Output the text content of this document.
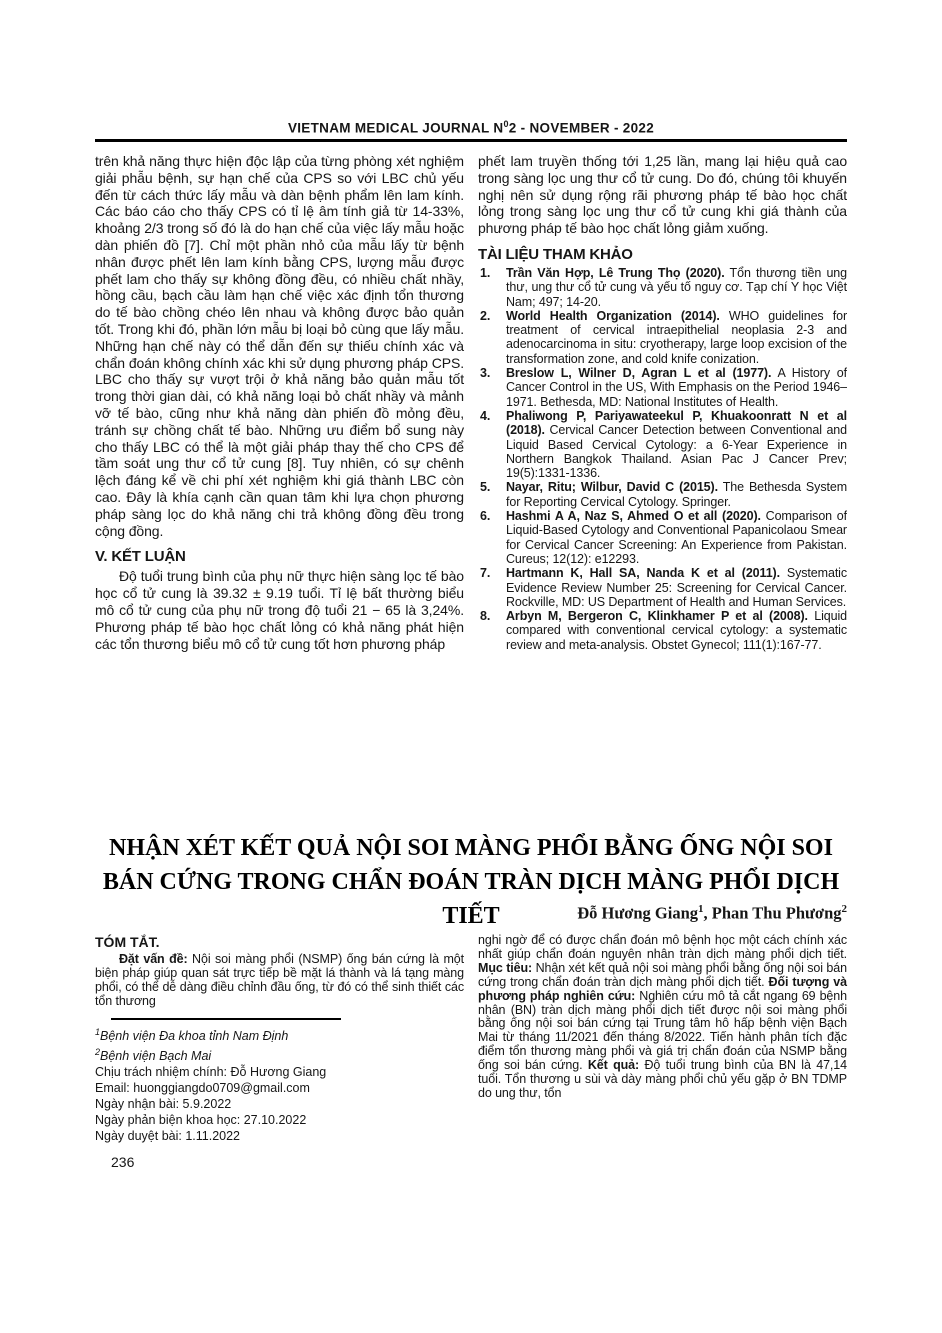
VIETNAM MEDICAL JOURNAL $N^02$ - NOVEMBER - 2022

trên khả năng thực hiện độc lập của từng phòng xét nghiệm giải phẫu bệnh, sự hạn chế của CPS so với LBC chủ yếu đến từ cách thức lấy mẫu và dàn bệnh phẩm lên lam kính. Các báo cáo cho thấy CPS có tỉ lệ âm tính giả từ 14-33%, khoảng 2/3 trong số đó là do hạn chế của việc lấy mẫu hoặc dàn phiến đồ [7]. Chỉ một phần nhỏ của mẫu lấy từ bệnh nhân được phết lên lam kính bằng CPS, lượng mẫu được phết lam cho thấy sự không đồng đều, có nhiều chất nhầy, hồng cầu, bạch cầu làm hạn chế việc xác định tổn thương do tế bào chồng chéo lên nhau và không được bảo quản tốt. Trong khi đó, phần lớn mẫu bị loại bỏ cùng que lấy mẫu. Những hạn chế này có thể dẫn đến sự thiếu chính xác và chẩn đoán không chính xác khi sử dụng phương pháp CPS. LBC cho thấy sự vượt trội ở khả năng bảo quản mẫu tốt trong thời gian dài, có khả năng loại bỏ chất nhầy và mảnh vỡ tế bào, cũng như khả năng dàn phiến đồ mỏng đều, tránh sự chồng chất tế bào. Những ưu điểm bổ sung này cho thấy LBC có thể là một giải pháp thay thế cho CPS để tầm soát ung thư cổ tử cung [8]. Tuy nhiên, có sự chênh lệch đáng kể về chi phí xét nghiệm khi giá thành LBC còn cao. Đây là khía cạnh cần quan tâm khi lựa chọn phương pháp sàng lọc do khả năng chi trả không đồng đều trong cộng đồng.

V. KẾT LUẬN

Độ tuổi trung bình của phụ nữ thực hiện sàng lọc tế bào học cổ tử cung là 39.32 ± 9.19 tuổi. Tỉ lệ bất thường biểu mô cổ tử cung của phụ nữ trong độ tuổi 21 − 65 là 3,24%. Phương pháp tế bào học chất lỏng có khả năng phát hiện các tổn thương biểu mô cổ tử cung tốt hơn phương pháp

phết lam truyền thống tới 1,25 lần, mang lại hiệu quả cao trong sàng lọc ung thư cổ tử cung. Do đó, chúng tôi khuyến nghị nên sử dụng rộng rãi phương pháp tế bào học chất lỏng trong sàng lọc ung thư cổ tử cung khi giá thành của phương pháp tế bào học chất lỏng giảm xuống.

TÀI LIỆU THAM KHẢO
1. Trần Văn Hợp, Lê Trung Thọ (2020). Tổn thương tiền ung thư, ung thư cổ tử cung và yếu tố nguy cơ. Tạp chí Y học Việt Nam; 497; 14-20.
2. World Health Organization (2014). WHO guidelines for treatment of cervical intraepithelial neoplasia 2-3 and adenocarcinoma in situ: cryotherapy, large loop excision of the transformation zone, and cold knife conization.
3. Breslow L, Wilner D, Agran L et al (1977). A History of Cancer Control in the US, With Emphasis on the Period 1946–1971. Bethesda, MD: National Institutes of Health.
4. Phaliwong P, Pariyawateekul P, Khuakoonratt N et al (2018). Cervical Cancer Detection between Conventional and Liquid Based Cervical Cytology: a 6-Year Experience in Northern Bangkok Thailand. Asian Pac J Cancer Prev; 19(5):1331-1336.
5. Nayar, Ritu; Wilbur, David C (2015). The Bethesda System for Reporting Cervical Cytology. Springer.
6. Hashmi A A, Naz S, Ahmed O et all (2020). Comparison of Liquid-Based Cytology and Conventional Papanicolaou Smear for Cervical Cancer Screening: An Experience from Pakistan. Cureus; 12(12): e12293.
7. Hartmann K, Hall SA, Nanda K et al (2011). Systematic Evidence Review Number 25: Screening for Cervical Cancer. Rockville, MD: US Department of Health and Human Services.
8. Arbyn M, Bergeron C, Klinkhamer P et al (2008). Liquid compared with conventional cervical cytology: a systematic review and meta-analysis. Obstet Gynecol; 111(1):167-77.
NHẬN XÉT KẾT QUẢ NỘI SOI MÀNG PHỔI BẰNG ỐNG NỘI SOI
BÁN CỨNG TRONG CHẨN ĐOÁN TRÀN DỊCH MÀNG PHỔI DỊCH TIẾT	Đỗ Hương Giang$^1$, Phan Thu Phương$^2$
TÓM TẮT.

Đặt vấn đề: Nội soi màng phổi (NSMP) ống bán cứng là một biện pháp giúp quan sát trực tiếp bề mặt lá thành và lá tạng màng phổi, có thể dễ dàng điều chỉnh đầu ống, từ đó có thể sinh thiết các tổn thương

$^1$Bệnh viện Đa khoa tỉnh Nam Định

$^2$Bệnh viện Bạch Mai

Chịu trách nhiệm chính: Đỗ Hương Giang

Email: huonggiangdo0709@gmail.com

Ngày nhận bài: 5.9.2022

Ngày phản biện khoa học: 27.10.2022

Ngày duyệt bài: 1.11.2022

nghi ngờ để có được chẩn đoán mô bệnh học một cách chính xác nhất giúp chẩn đoán nguyên nhân tràn dịch màng phổi dịch tiết. Mục tiêu: Nhận xét kết quả nội soi màng phổi bằng ống nội soi bán cứng trong chẩn đoán tràn dịch màng phổi dịch tiết. Đối tượng và phương pháp nghiên cứu: Nghiên cứu mô tả cắt ngang 69 bệnh nhân (BN) tràn dịch màng phổi dịch tiết được nội soi màng phổi bằng ống nội soi bán cứng tại Trung tâm hô hấp bệnh viện Bạch Mai từ tháng 11/2021 đến tháng 8/2022. Tiến hành phân tích đặc điểm tổn thương màng phổi và giá trị chẩn đoán của NSMP bằng ống soi bán cứng. Kết quả: Độ tuổi trung bình của BN là 47,14 tuổi. Tổn thương u sùi và dày màng phổi chủ yếu gặp ở BN TDMP do ung thư, tổn

236
